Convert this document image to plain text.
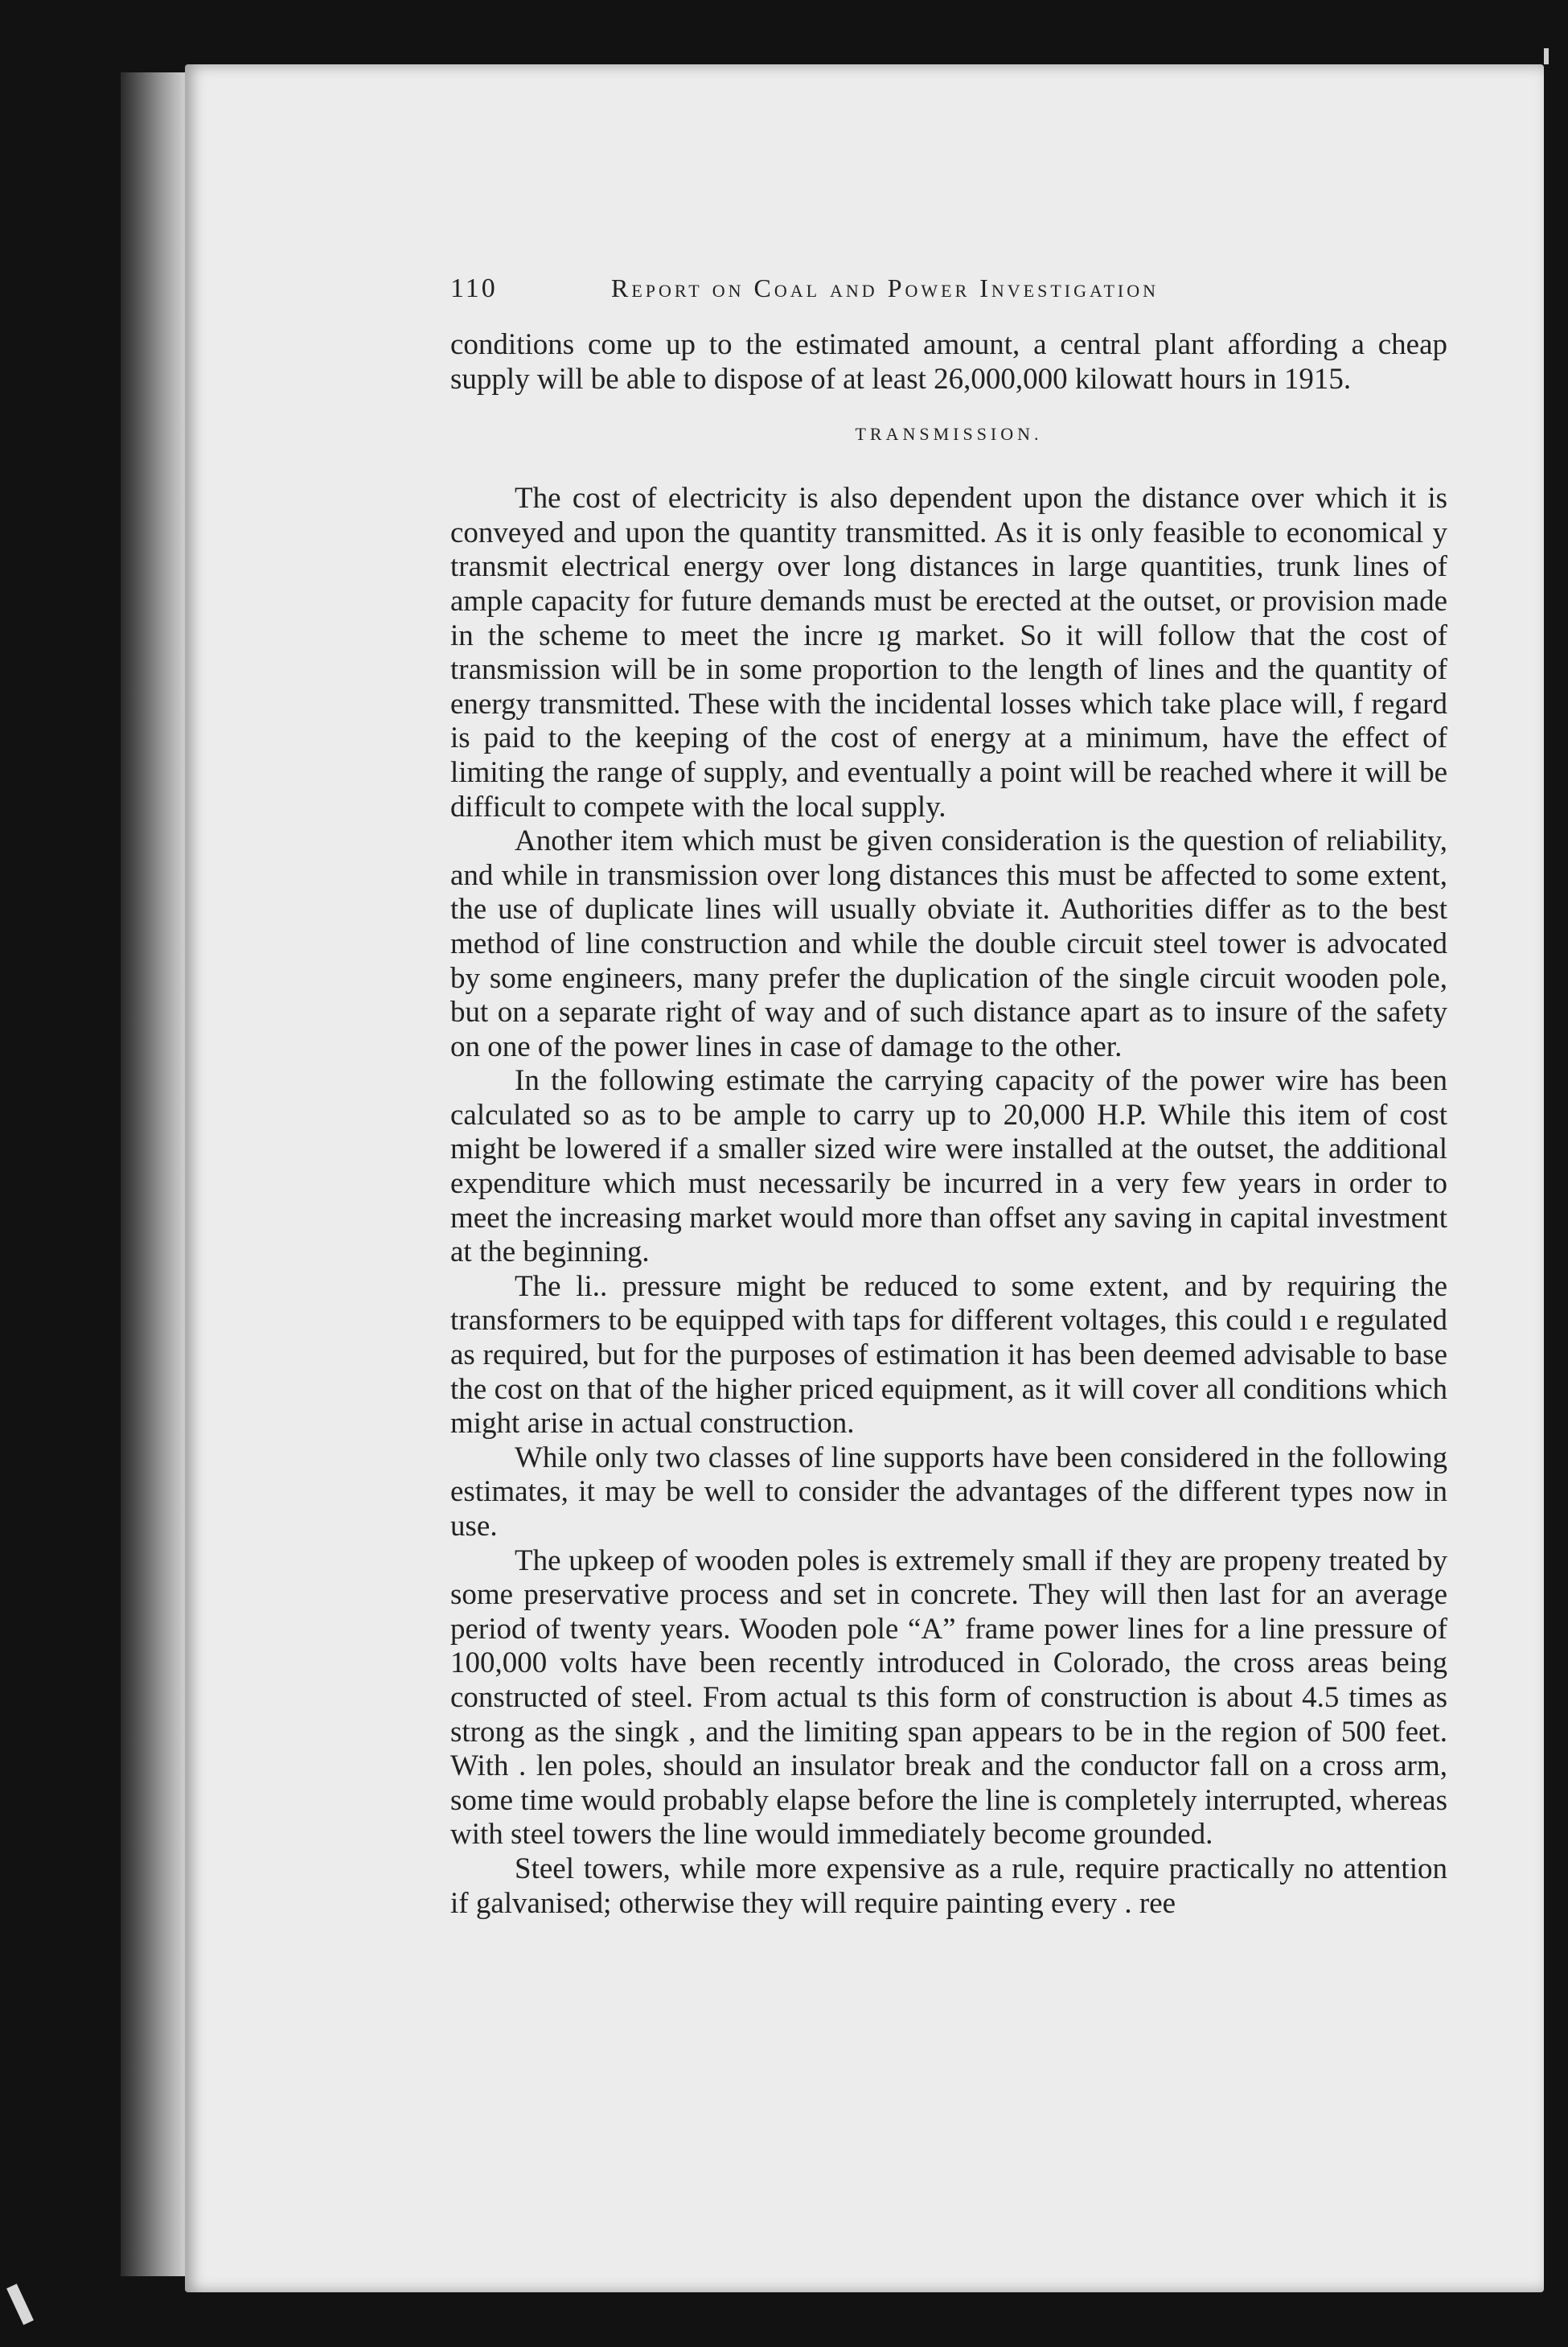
110	Report on Coal and Power Investigation

conditions come up to the estimated amount, a central plant affording a cheap supply will be able to dispose of at least 26,000,000 kilowatt hours in 1915.

TRANSMISSION.

The cost of electricity is also dependent upon the distance over which it is conveyed and upon the quantity transmitted. As it is only feasible to economical y transmit electrical energy over long distances in large quantities, trunk lines of ample capacity for future demands must be erected at the outset, or provision made in the scheme to meet the incre ıg market. So it will follow that the cost of transmission will be in some proportion to the length of lines and the quantity of energy transmitted. These with the incidental losses which take place will, f regard is paid to the keeping of the cost of energy at a minimum, have the effect of limiting the range of supply, and eventually a point will be reached where it will be difficult to compete with the local supply.

Another item which must be given consideration is the question of reliability, and while in transmission over long distances this must be affected to some extent, the use of duplicate lines will usually obviate it. Authorities differ as to the best method of line construction and while the double circuit steel tower is advocated by some engineers, many prefer the duplication of the single circuit wooden pole, but on a separate right of way and of such distance apart as to insure of the safety on one of the power lines in case of damage to the other.

In the following estimate the carrying capacity of the power wire has been calculated so as to be ample to carry up to 20,000 H.P. While this item of cost might be lowered if a smaller sized wire were installed at the outset, the additional expenditure which must necessarily be incurred in a very few years in order to meet the increasing market would more than offset any saving in capital investment at the beginning.

The li.. pressure might be reduced to some extent, and by requiring the transformers to be equipped with taps for different voltages, this could ı e regulated as required, but for the purposes of estimation it has been deemed advisable to base the cost on that of the higher priced equipment, as it will cover all conditions which might arise in actual construction.

While only two classes of line supports have been considered in the following estimates, it may be well to consider the advantages of the different types now in use.

The upkeep of wooden poles is extremely small if they are propeny treated by some preservative process and set in concrete. They will then last for an average period of twenty years. Wooden pole “A” frame power lines for a line pressure of 100,000 volts have been recently introduced in Colorado, the cross areas being constructed of steel. From actual ts this form of construction is about 4.5 times as strong as the singk , and the limiting span appears to be in the region of 500 feet. With . len poles, should an insulator break and the conductor fall on a cross arm, some time would probably elapse before the line is completely interrupted, whereas with steel towers the line would immediately become grounded.

Steel towers, while more expensive as a rule, require practically no attention if galvanised; otherwise they will require painting every . ree
